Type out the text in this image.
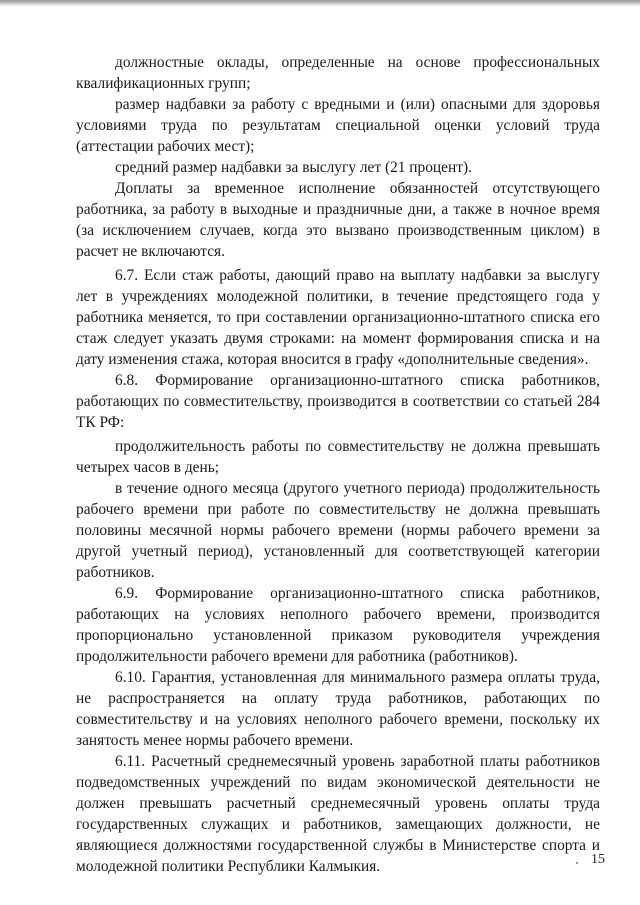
должностные оклады, определенные на основе профессиональных квалификационных групп;

размер надбавки за работу с вредными и (или) опасными для здоровья условиями труда по результатам специальной оценки условий труда (аттестации рабочих мест);

средний размер надбавки за выслугу лет (21 процент).

Доплаты за временное исполнение обязанностей отсутствующего работника, за работу в выходные и праздничные дни, а также в ночное время (за исключением случаев, когда это вызвано производственным циклом) в расчет не включаются.

6.7. Если стаж работы, дающий право на выплату надбавки за выслугу лет в учреждениях молодежной политики, в течение предстоящего года у работника меняется, то при составлении организационно-штатного списка его стаж следует указать двумя строками: на момент формирования списка и на дату изменения стажа, которая вносится в графу «дополнительные сведения».

6.8. Формирование организационно-штатного списка работников, работающих по совместительству, производится в соответствии со статьей 284 ТК РФ:

продолжительность работы по совместительству не должна превышать четырех часов в день;

в течение одного месяца (другого учетного периода) продолжительность рабочего времени при работе по совместительству не должна превышать половины месячной нормы рабочего времени (нормы рабочего времени за другой учетный период), установленный для соответствующей категории работников.

6.9. Формирование организационно-штатного списка работников, работающих на условиях неполного рабочего времени, производится пропорционально установленной приказом руководителя учреждения продолжительности рабочего времени для работника (работников).

6.10. Гарантия, установленная для минимального размера оплаты труда, не распространяется на оплату труда работников, работающих по совместительству и на условиях неполного рабочего времени, поскольку их занятость менее нормы рабочего времени.

6.11. Расчетный среднемесячный уровень заработной платы работников подведомственных учреждений по видам экономической деятельности не должен превышать расчетный среднемесячный уровень оплаты труда государственных служащих и работников, замещающих должности, не являющиеся должностями государственной службы в Министерстве спорта и молодежной политики Республики Калмыкия.	15
